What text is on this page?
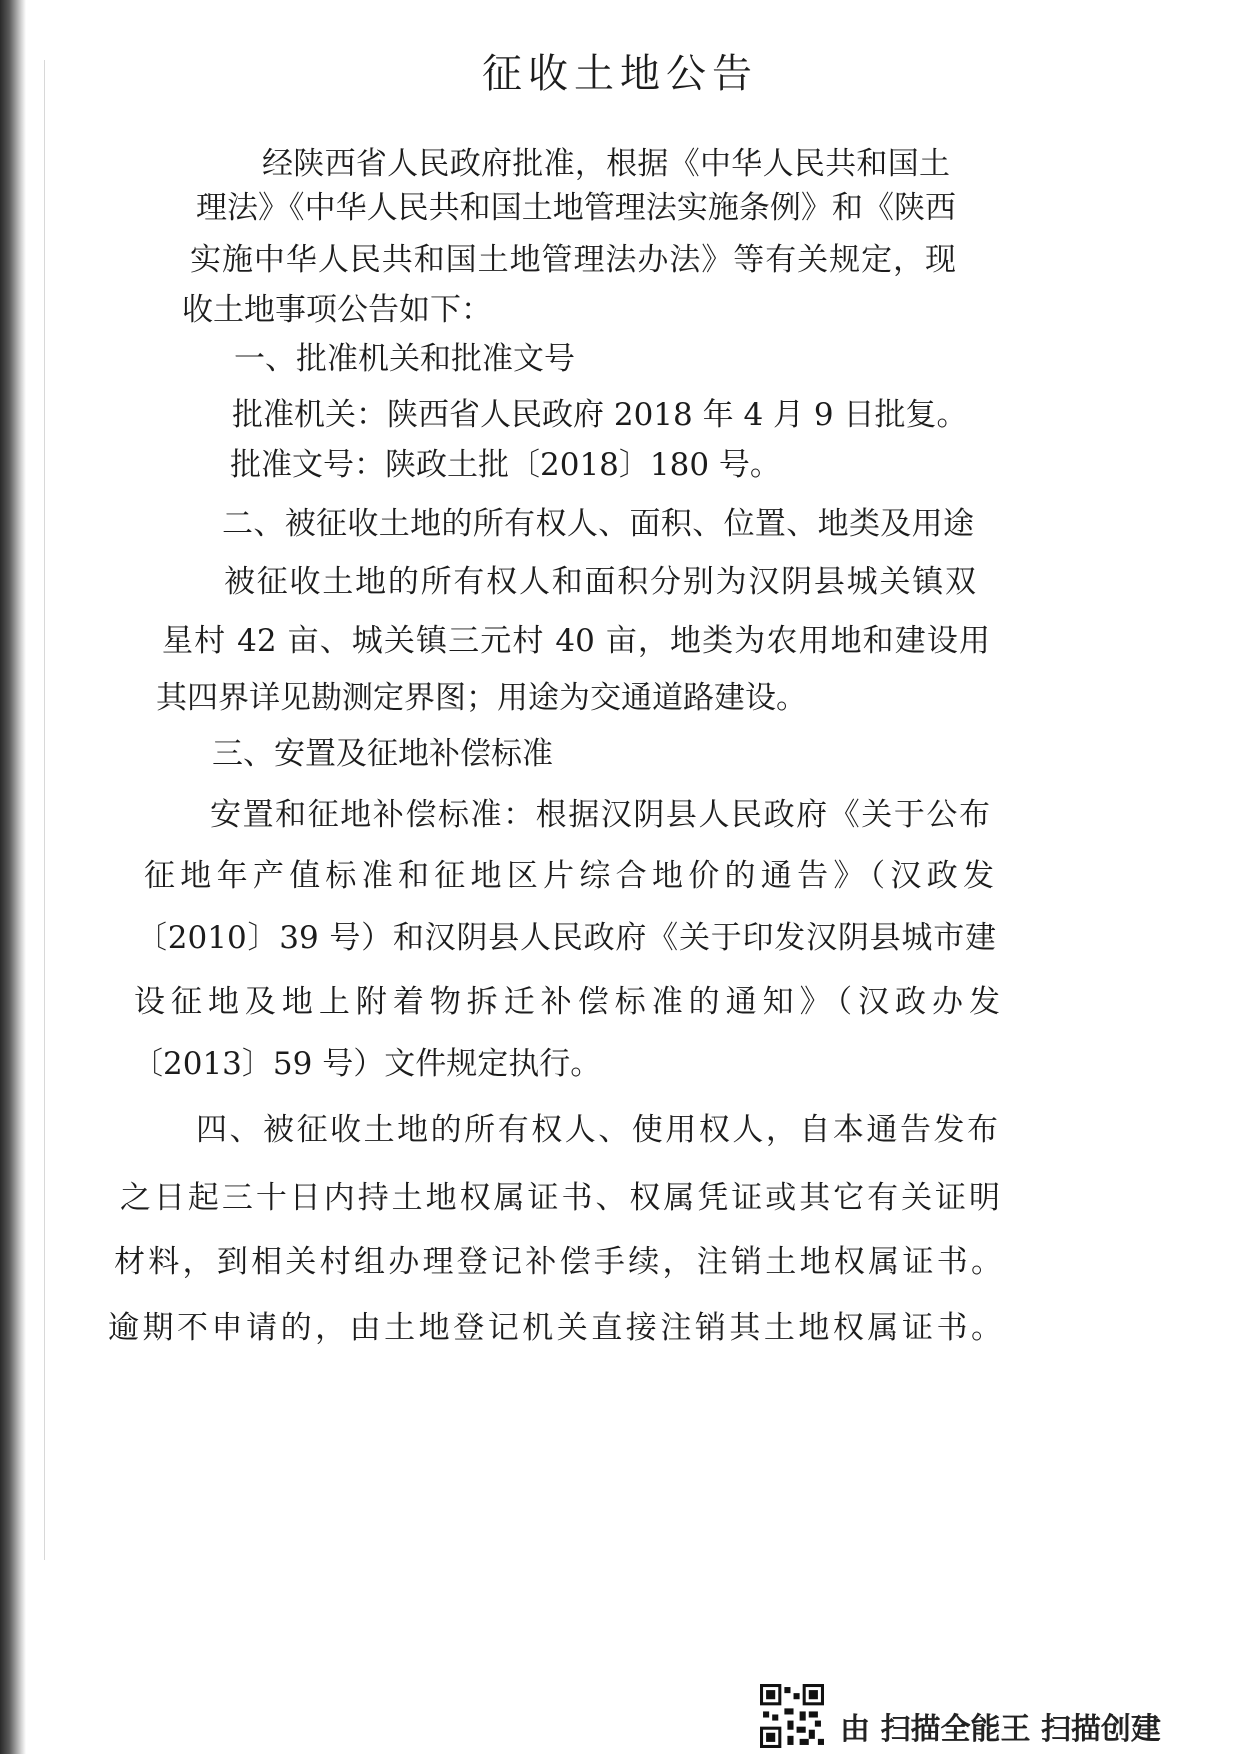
征收土地公告
经陕西省人民政府批准，根据《中华人民共和国土
理法》《中华人民共和国土地管理法实施条例》和《陕西
实施中华人民共和国土地管理法办法》等有关规定，现
收土地事项公告如下：
一、批准机关和批准文号
批准机关：陕西省人民政府 2018 年 4 月 9 日批复。
批准文号：陕政土批〔2018〕180 号。
二、被征收土地的所有权人、面积、位置、地类及用途
被征收土地的所有权人和面积分别为汉阴县城关镇双
星村 42 亩、城关镇三元村 40 亩，地类为农用地和建设用
其四界详见勘测定界图；用途为交通道路建设。
三、安置及征地补偿标准
安置和征地补偿标准：根据汉阴县人民政府《关于公布
征地年产值标准和征地区片综合地价的通告》（汉政发
〔2010〕39 号）和汉阴县人民政府《关于印发汉阴县城市建
设征地及地上附着物拆迁补偿标准的通知》（汉政办发
〔2013〕59 号）文件规定执行。
四、被征收土地的所有权人、使用权人，自本通告发布
之日起三十日内持土地权属证书、权属凭证或其它有关证明
材料，到相关村组办理登记补偿手续，注销土地权属证书。
逾期不申请的，由土地登记机关直接注销其土地权属证书。
由 扫描全能王 扫描创建
